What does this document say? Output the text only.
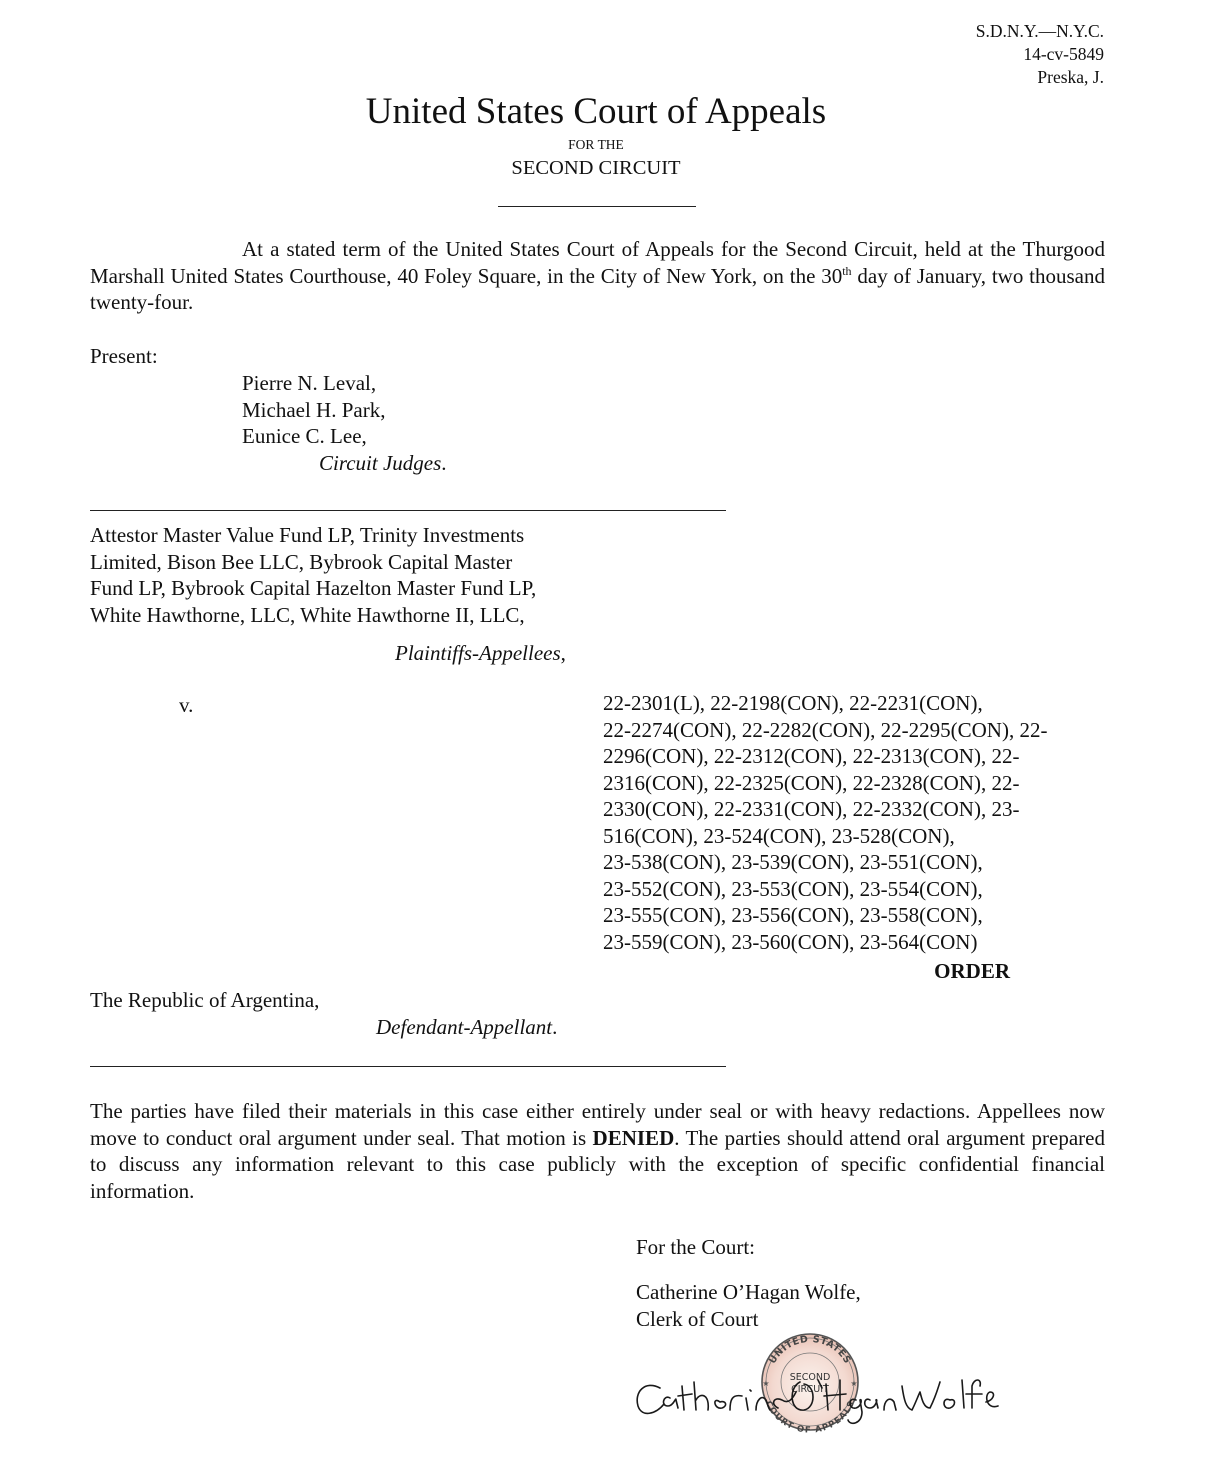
S.D.N.Y.—N.Y.C.
14-cv-5849
Preska, J.
United States Court of Appeals
FOR THE
SECOND CIRCUIT
At a stated term of the United States Court of Appeals for the Second Circuit, held at the Thurgood Marshall United States Courthouse, 40 Foley Square, in the City of New York, on the 30th day of January, two thousand twenty-four.
Present:
Pierre N. Leval,
Michael H. Park,
Eunice C. Lee,
Circuit Judges.
Attestor Master Value Fund LP, Trinity Investments
Limited, Bison Bee LLC, Bybrook Capital Master
Fund LP, Bybrook Capital Hazelton Master Fund LP,
White Hawthorne, LLC, White Hawthorne II, LLC,
Plaintiffs-Appellees,
v.	22-2301(L), 22-2198(CON), 22-2231(CON),
22-2274(CON), 22-2282(CON), 22-2295(CON), 22-
2296(CON), 22-2312(CON), 22-2313(CON), 22-
2316(CON), 22-2325(CON), 22-2328(CON), 22-
2330(CON), 22-2331(CON), 22-2332(CON), 23-
516(CON), 23-524(CON), 23-528(CON),
23-538(CON), 23-539(CON), 23-551(CON),
23-552(CON), 23-553(CON), 23-554(CON),
23-555(CON), 23-556(CON), 23-558(CON),
23-559(CON), 23-560(CON), 23-564(CON)
ORDER
The Republic of Argentina,
Defendant-Appellant.
The parties have filed their materials in this case either entirely under seal or with heavy redactions. Appellees now move to conduct oral argument under seal. That motion is DENIED. The parties should attend oral argument prepared to discuss any information relevant to this case publicly with the exception of specific confidential financial information.
For the Court:
Catherine O’Hagan Wolfe,
Clerk of Court
UNITED STATES
COURT OF APPEALS
SECOND
CIRCUIT
★	★
